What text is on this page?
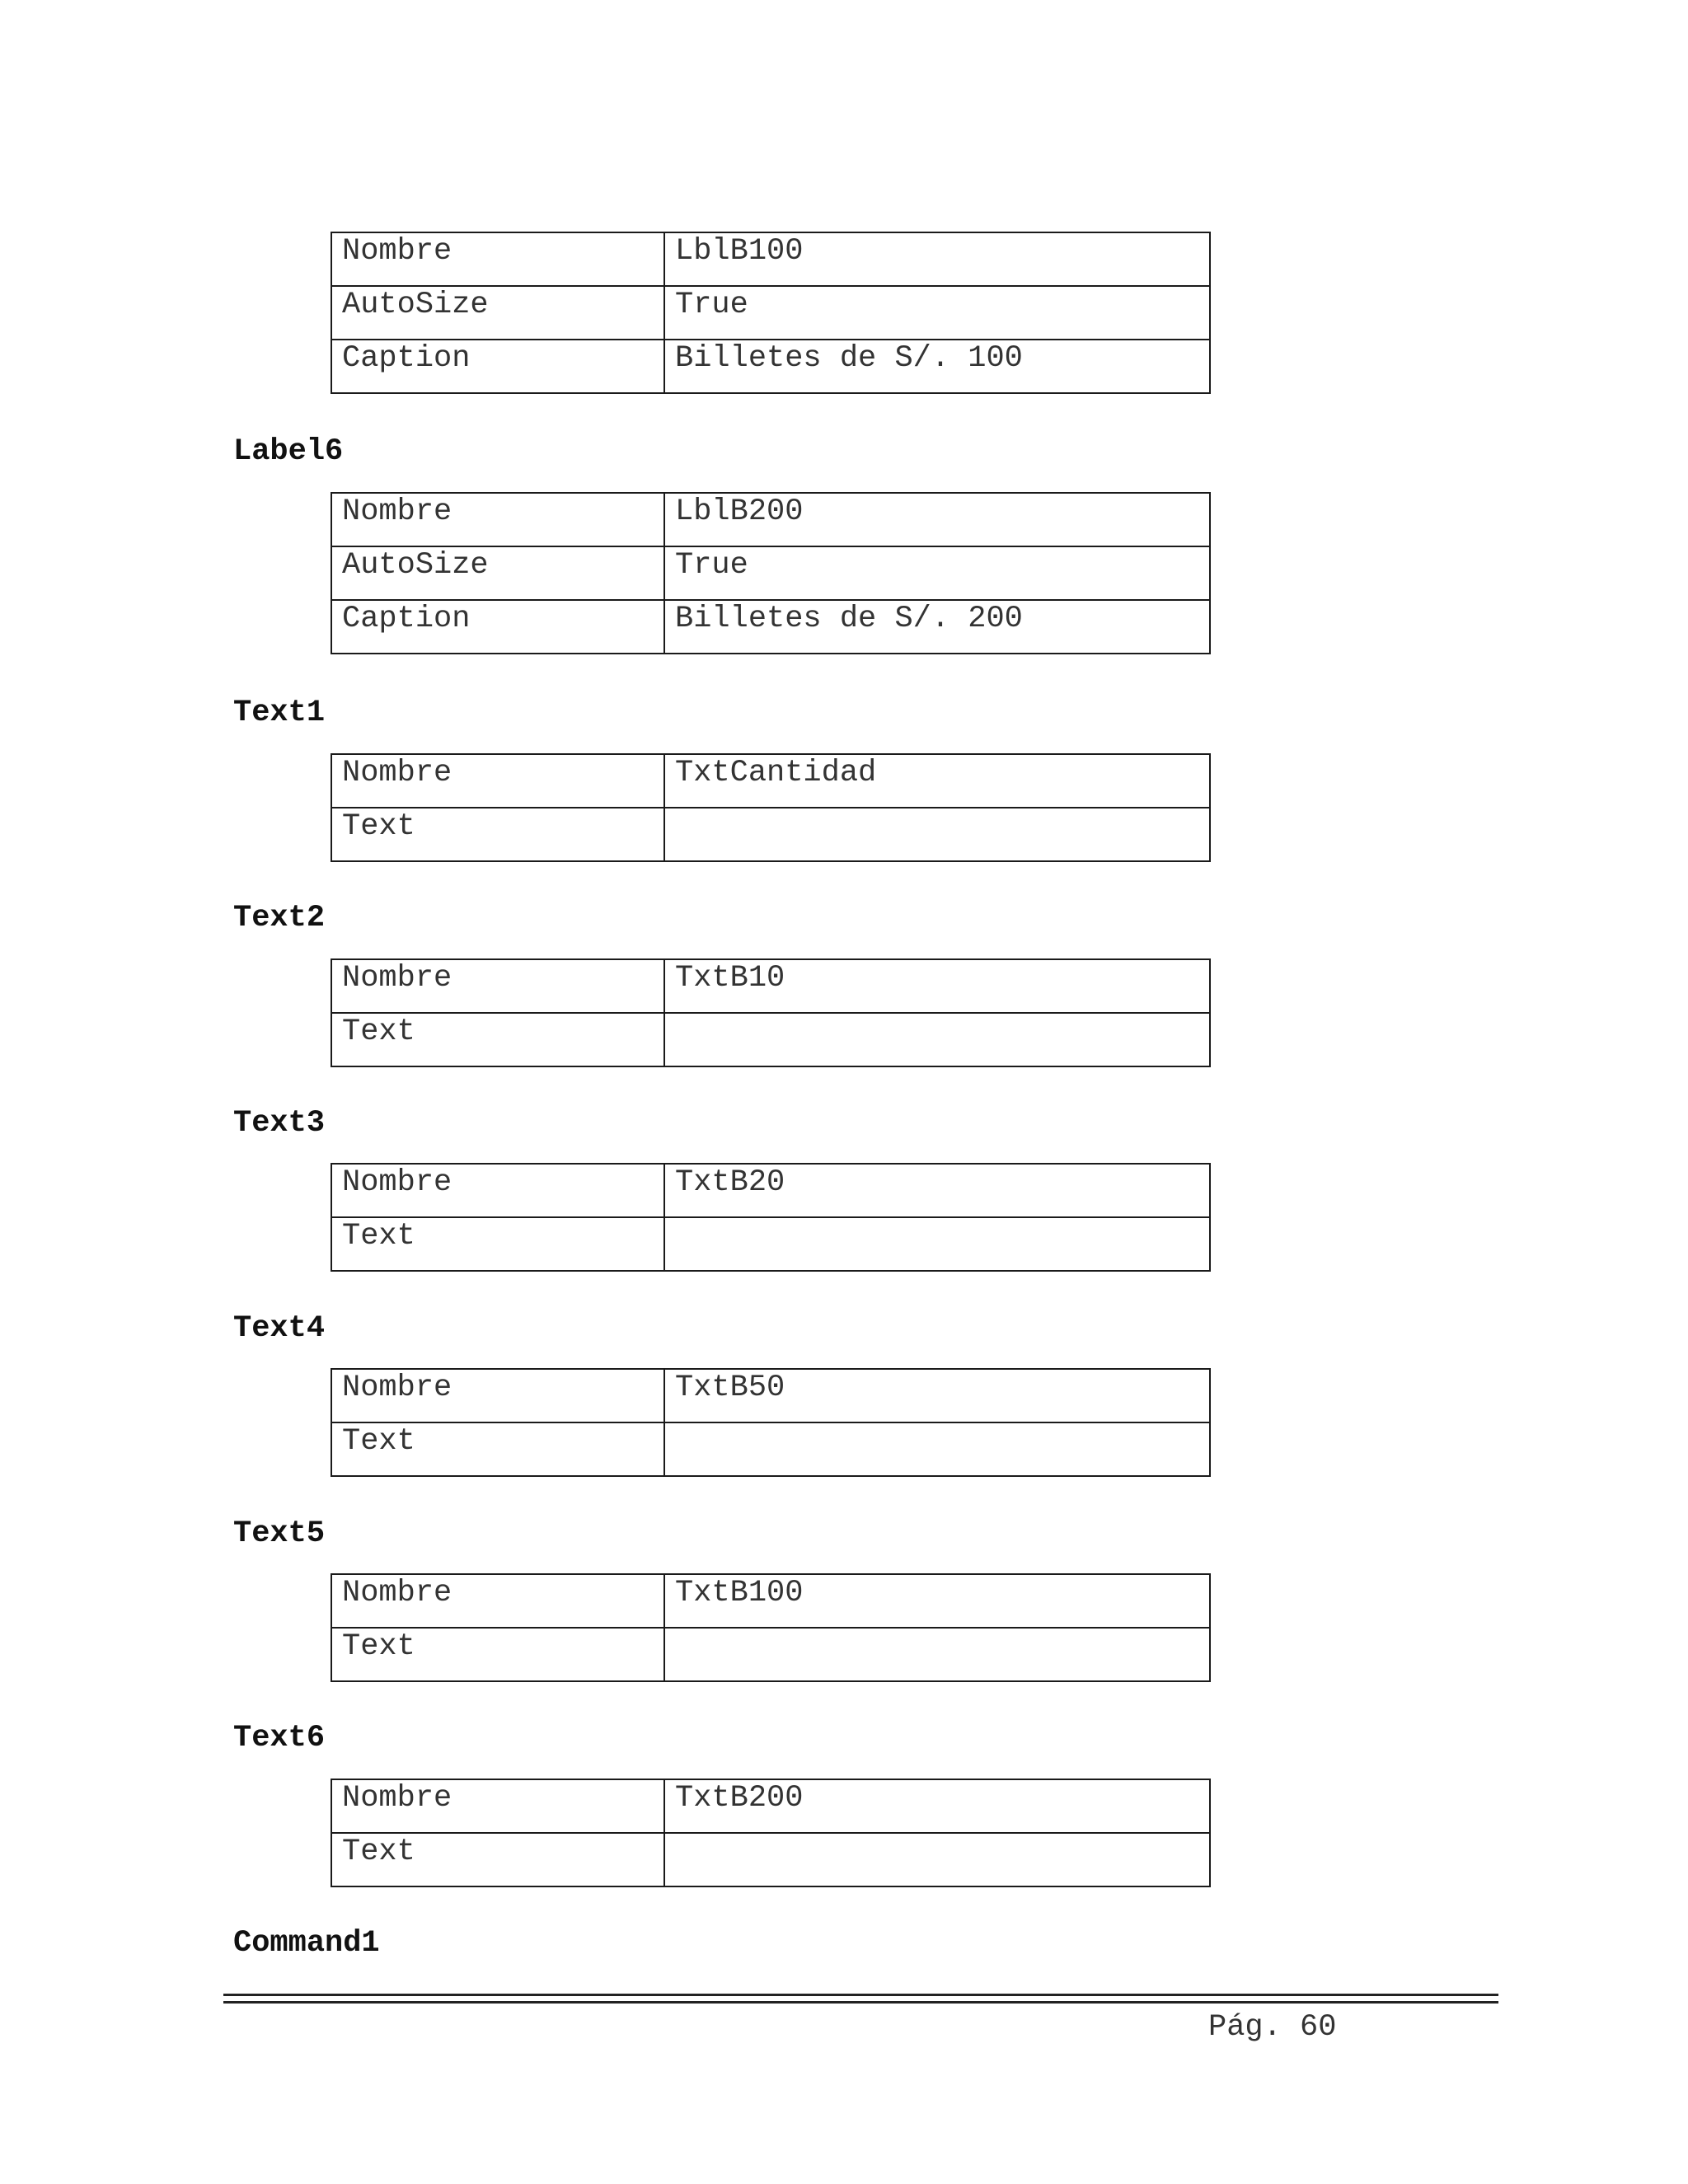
Nombre	LblB100
AutoSize	True
Caption	Billetes de S/. 100
Label6
Nombre	LblB200
AutoSize	True
Caption	Billetes de S/. 200
Text1
Nombre	TxtCantidad
Text	
Text2
Nombre	TxtB10
Text	
Text3
Nombre	TxtB20
Text	
Text4
Nombre	TxtB50
Text	
Text5
Nombre	TxtB100
Text	
Text6
Nombre	TxtB200
Text	
Command1
Pág. 60
